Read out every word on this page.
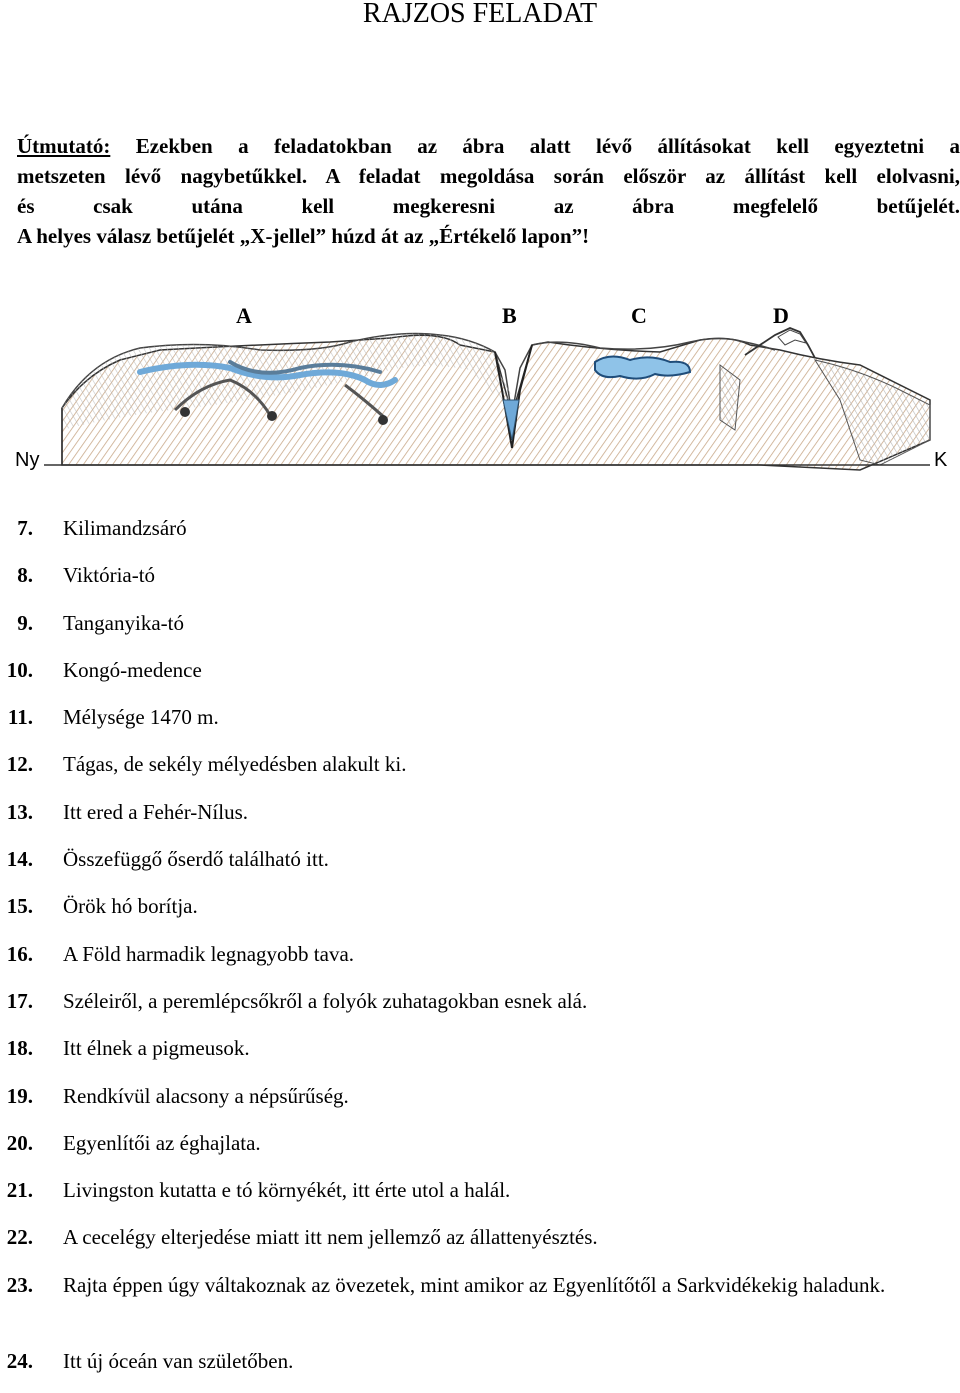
RAJZOS FELADAT
Útmutató: Ezekben a feladatokban az ábra alatt lévő állításokat kell egyeztetni a
metszeten lévő nagybetűkkel. A feladat megoldása során először az állítást kell elolvasni,
és csak utána kell megkeresni az ábra megfelelő betűjelét.
A helyes válasz betűjelét „X-jellel” húzd át az „Értékelő lapon”!
A	B	C	D
Ny	K
7. Kilimandzsáró
8. Viktória-tó
9. Tanganyika-tó
10. Kongó-medence
11. Mélysége 1470 m.
12. Tágas, de sekély mélyedésben alakult ki.
13. Itt ered a Fehér-Nílus.
14. Összefüggő őserdő található itt.
15. Örök hó borítja.
16. A Föld harmadik legnagyobb tava.
17. Széleiről, a peremlépcsőkről a folyók zuhatagokban esnek alá.
18. Itt élnek a pigmeusok.
19. Rendkívül alacsony a népsűrűség.
20. Egyenlítői az éghajlata.
21. Livingston kutatta e tó környékét, itt érte utol a halál.
22. A cecelégy elterjedése miatt itt nem jellemző az állattenyésztés.
23. Rajta éppen úgy váltakoznak az övezetek, mint amikor az Egyenlítőtől a Sarkvidékekig haladunk.
24. Itt új óceán van születőben.
